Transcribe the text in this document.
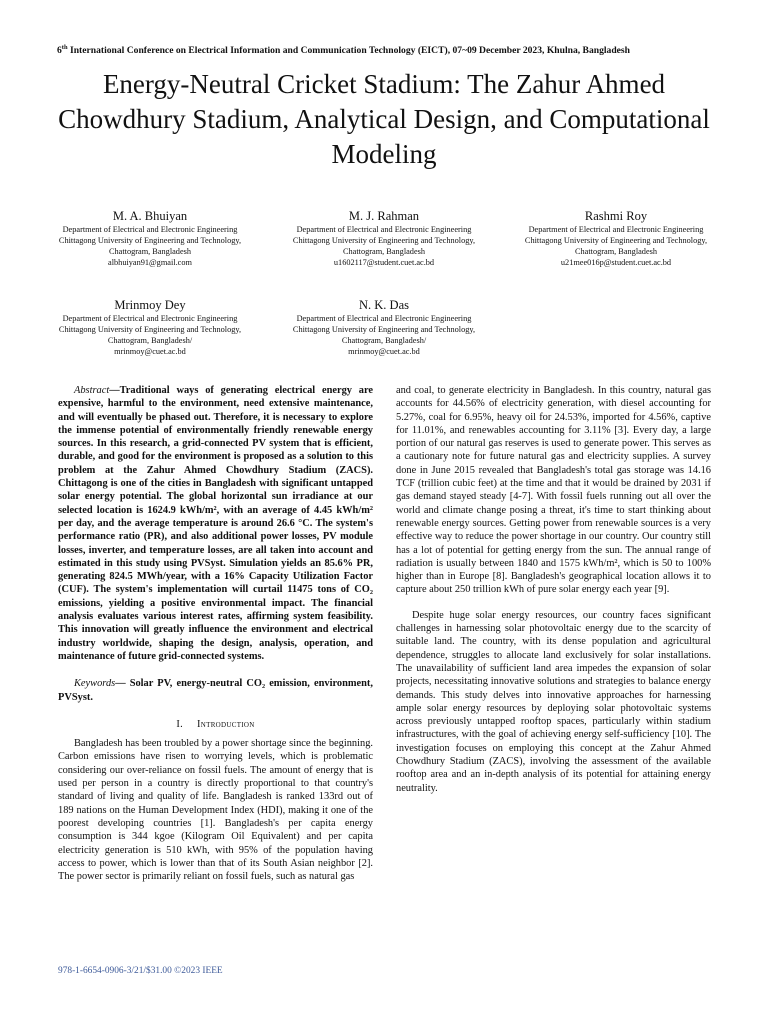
6th International Conference on Electrical Information and Communication Technology (EICT), 07~09 December 2023, Khulna, Bangladesh
Energy-Neutral Cricket Stadium: The Zahur Ahmed Chowdhury Stadium, Analytical Design, and Computational Modeling
M. A. Bhuiyan
Department of Electrical and Electronic Engineering
Chittagong University of Engineering and Technology, Chattogram, Bangladesh
albhuiyan91@gmail.com
M. J. Rahman
Department of Electrical and Electronic Engineering
Chittagong University of Engineering and Technology, Chattogram, Bangladesh
u1602117@student.cuet.ac.bd
Rashmi Roy
Department of Electrical and Electronic Engineering
Chittagong University of Engineering and Technology, Chattogram, Bangladesh
u21mee016p@student.cuet.ac.bd
Mrinmoy Dey
Department of Electrical and Electronic Engineering
Chittagong University of Engineering and Technology, Chattogram, Bangladesh/
mrinmoy@cuet.ac.bd
N. K. Das
Department of Electrical and Electronic Engineering
Chittagong University of Engineering and Technology, Chattogram, Bangladesh/
mrinmoy@cuet.ac.bd

Abstract—Traditional ways of generating electrical energy are expensive, harmful to the environment, need extensive maintenance, and will eventually be phased out. Therefore, it is necessary to explore the immense potential of environmentally friendly renewable energy sources. In this research, a grid-connected PV system that is efficient, durable, and good for the environment is proposed as a solution to this problem at the Zahur Ahmed Chowdhury Stadium (ZACS). Chittagong is one of the cities in Bangladesh with significant untapped solar energy potential. The global horizontal sun irradiance at our selected location is 1624.9 kWh/m², with an average of 4.45 kWh/m² per day, and the average temperature is around 26.6 °C. The system's performance ratio (PR), and also additional power losses, PV module losses, inverter, and temperature losses, are all taken into account and estimated in this study using PVSyst. Simulation yields an 85.6% PR, generating 824.5 MWh/year, with a 16% Capacity Utilization Factor (CUF). The system's implementation will curtail 11475 tons of CO₂ emissions, yielding a positive environmental impact. The financial analysis evaluates various interest rates, affirming system feasibility. This innovation will greatly influence the environment and electrical industry worldwide, shaping the design, analysis, operation, and maintenance of future grid-connected systems.

Keywords— Solar PV, energy-neutral CO₂ emission, environment, PVSyst.

I. Introduction

Bangladesh has been troubled by a power shortage since the beginning. Carbon emissions have risen to worrying levels, which is problematic considering our over-reliance on fossil fuels. The amount of energy that is used per person in a country is directly proportional to that country's standard of living and quality of life. Bangladesh is ranked 133rd out of 189 nations on the Human Development Index (HDI), making it one of the poorest developing countries [1]. Bangladesh's per capita energy consumption is 344 kgoe (Kilogram Oil Equivalent) and per capita electricity generation is 510 kWh, with 95% of the population having access to power, which is lower than that of its South Asian neighbor [2]. The power sector is primarily reliant on fossil fuels, such as natural gas

and coal, to generate electricity in Bangladesh. In this country, natural gas accounts for 44.56% of electricity generation, with diesel accounting for 5.27%, coal for 6.95%, heavy oil for 24.53%, imported for 4.56%, captive for 11.01%, and renewables accounting for 3.11% [3]. Every day, a large portion of our natural gas reserves is used to generate power. This serves as a cautionary note for future natural gas and electricity supplies. A survey done in June 2015 revealed that Bangladesh's total gas storage was 14.16 TCF (trillion cubic feet) at the time and that it would be drained by 2031 if gas demand stayed steady [4-7]. With fossil fuels running out all over the world and climate change posing a threat, it's time to start thinking about renewable energy sources. Getting power from renewable sources is a very effective way to reduce the power shortage in our country. Our country still has a lot of potential for getting energy from the sun. The annual range of radiation is usually between 1840 and 1575 kWh/m², which is 50 to 100% higher than in Europe [8]. Bangladesh's geographical location allows it to capture about 250 trillion kWh of pure solar energy each year [9].

Despite huge solar energy resources, our country faces significant challenges in harnessing solar photovoltaic energy due to the scarcity of suitable land. The country, with its dense population and agricultural dependence, struggles to allocate land exclusively for solar installations. The unavailability of sufficient land area impedes the expansion of solar projects, necessitating innovative solutions and strategies to balance energy demands. This study delves into innovative approaches for harnessing ample solar energy resources by deploying solar photovoltaic systems across previously untapped rooftop spaces, particularly within stadium infrastructures, with the goal of achieving energy self-sufficiency [10]. The investigation focuses on employing this concept at the Zahur Ahmed Chowdhury Stadium (ZACS), involving the assessment of the available rooftop area and an in-depth analysis of its potential for attaining energy neutrality.

978-1-6654-0906-3/21/$31.00 ©2023 IEEE
